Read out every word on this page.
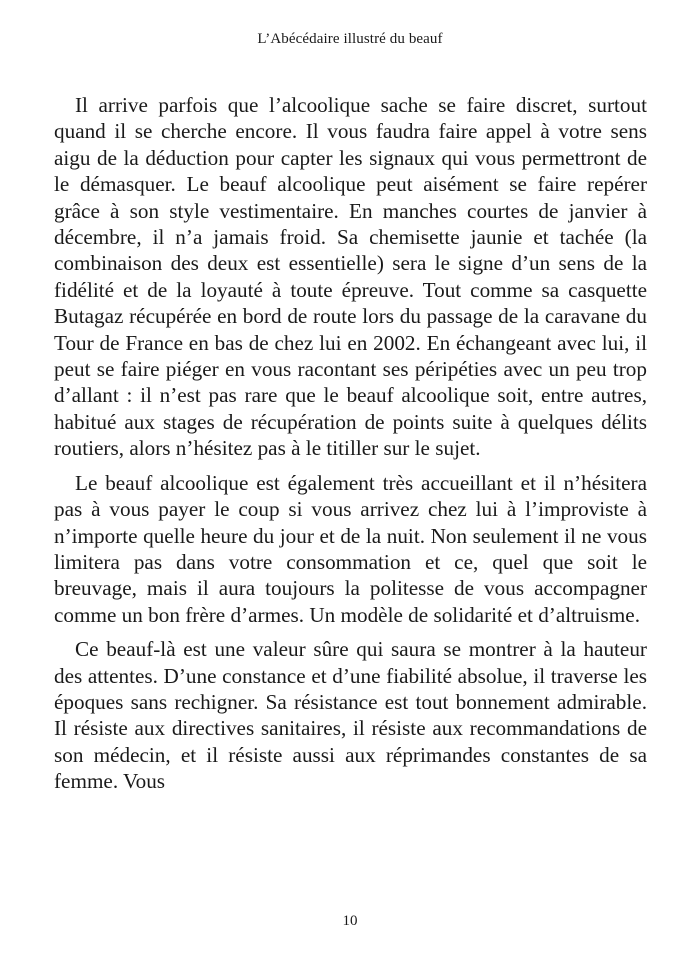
L’Abécédaire illustré du beauf

Il arrive parfois que l’alcoolique sache se faire discret, surtout quand il se cherche encore. Il vous faudra faire appel à votre sens aigu de la déduction pour capter les signaux qui vous permettront de le démasquer. Le beauf alcoolique peut aisément se faire repérer grâce à son style vestimentaire. En manches courtes de janvier à décembre, il n’a jamais froid. Sa chemisette jaunie et tachée (la combinaison des deux est essentielle) sera le signe d’un sens de la fidélité et de la loyauté à toute épreuve. Tout comme sa casquette Butagaz récupérée en bord de route lors du passage de la caravane du Tour de France en bas de chez lui en 2002. En échangeant avec lui, il peut se faire piéger en vous racontant ses péripéties avec un peu trop d’allant : il n’est pas rare que le beauf alcoolique soit, entre autres, habitué aux stages de récupération de points suite à quelques délits routiers, alors n’hésitez pas à le titiller sur le sujet.

Le beauf alcoolique est également très accueillant et il n’hésitera pas à vous payer le coup si vous arrivez chez lui à l’improviste à n’importe quelle heure du jour et de la nuit. Non seulement il ne vous limitera pas dans votre consommation et ce, quel que soit le breuvage, mais il aura toujours la politesse de vous accompagner comme un bon frère d’armes. Un modèle de solidarité et d’altruisme.

Ce beauf-là est une valeur sûre qui saura se montrer à la hauteur des attentes. D’une constance et d’une fiabilité absolue, il traverse les époques sans rechigner. Sa résistance est tout bonnement admirable. Il résiste aux directives sanitaires, il résiste aux recommandations de son médecin, et il résiste aussi aux réprimandes constantes de sa femme. Vous

10
